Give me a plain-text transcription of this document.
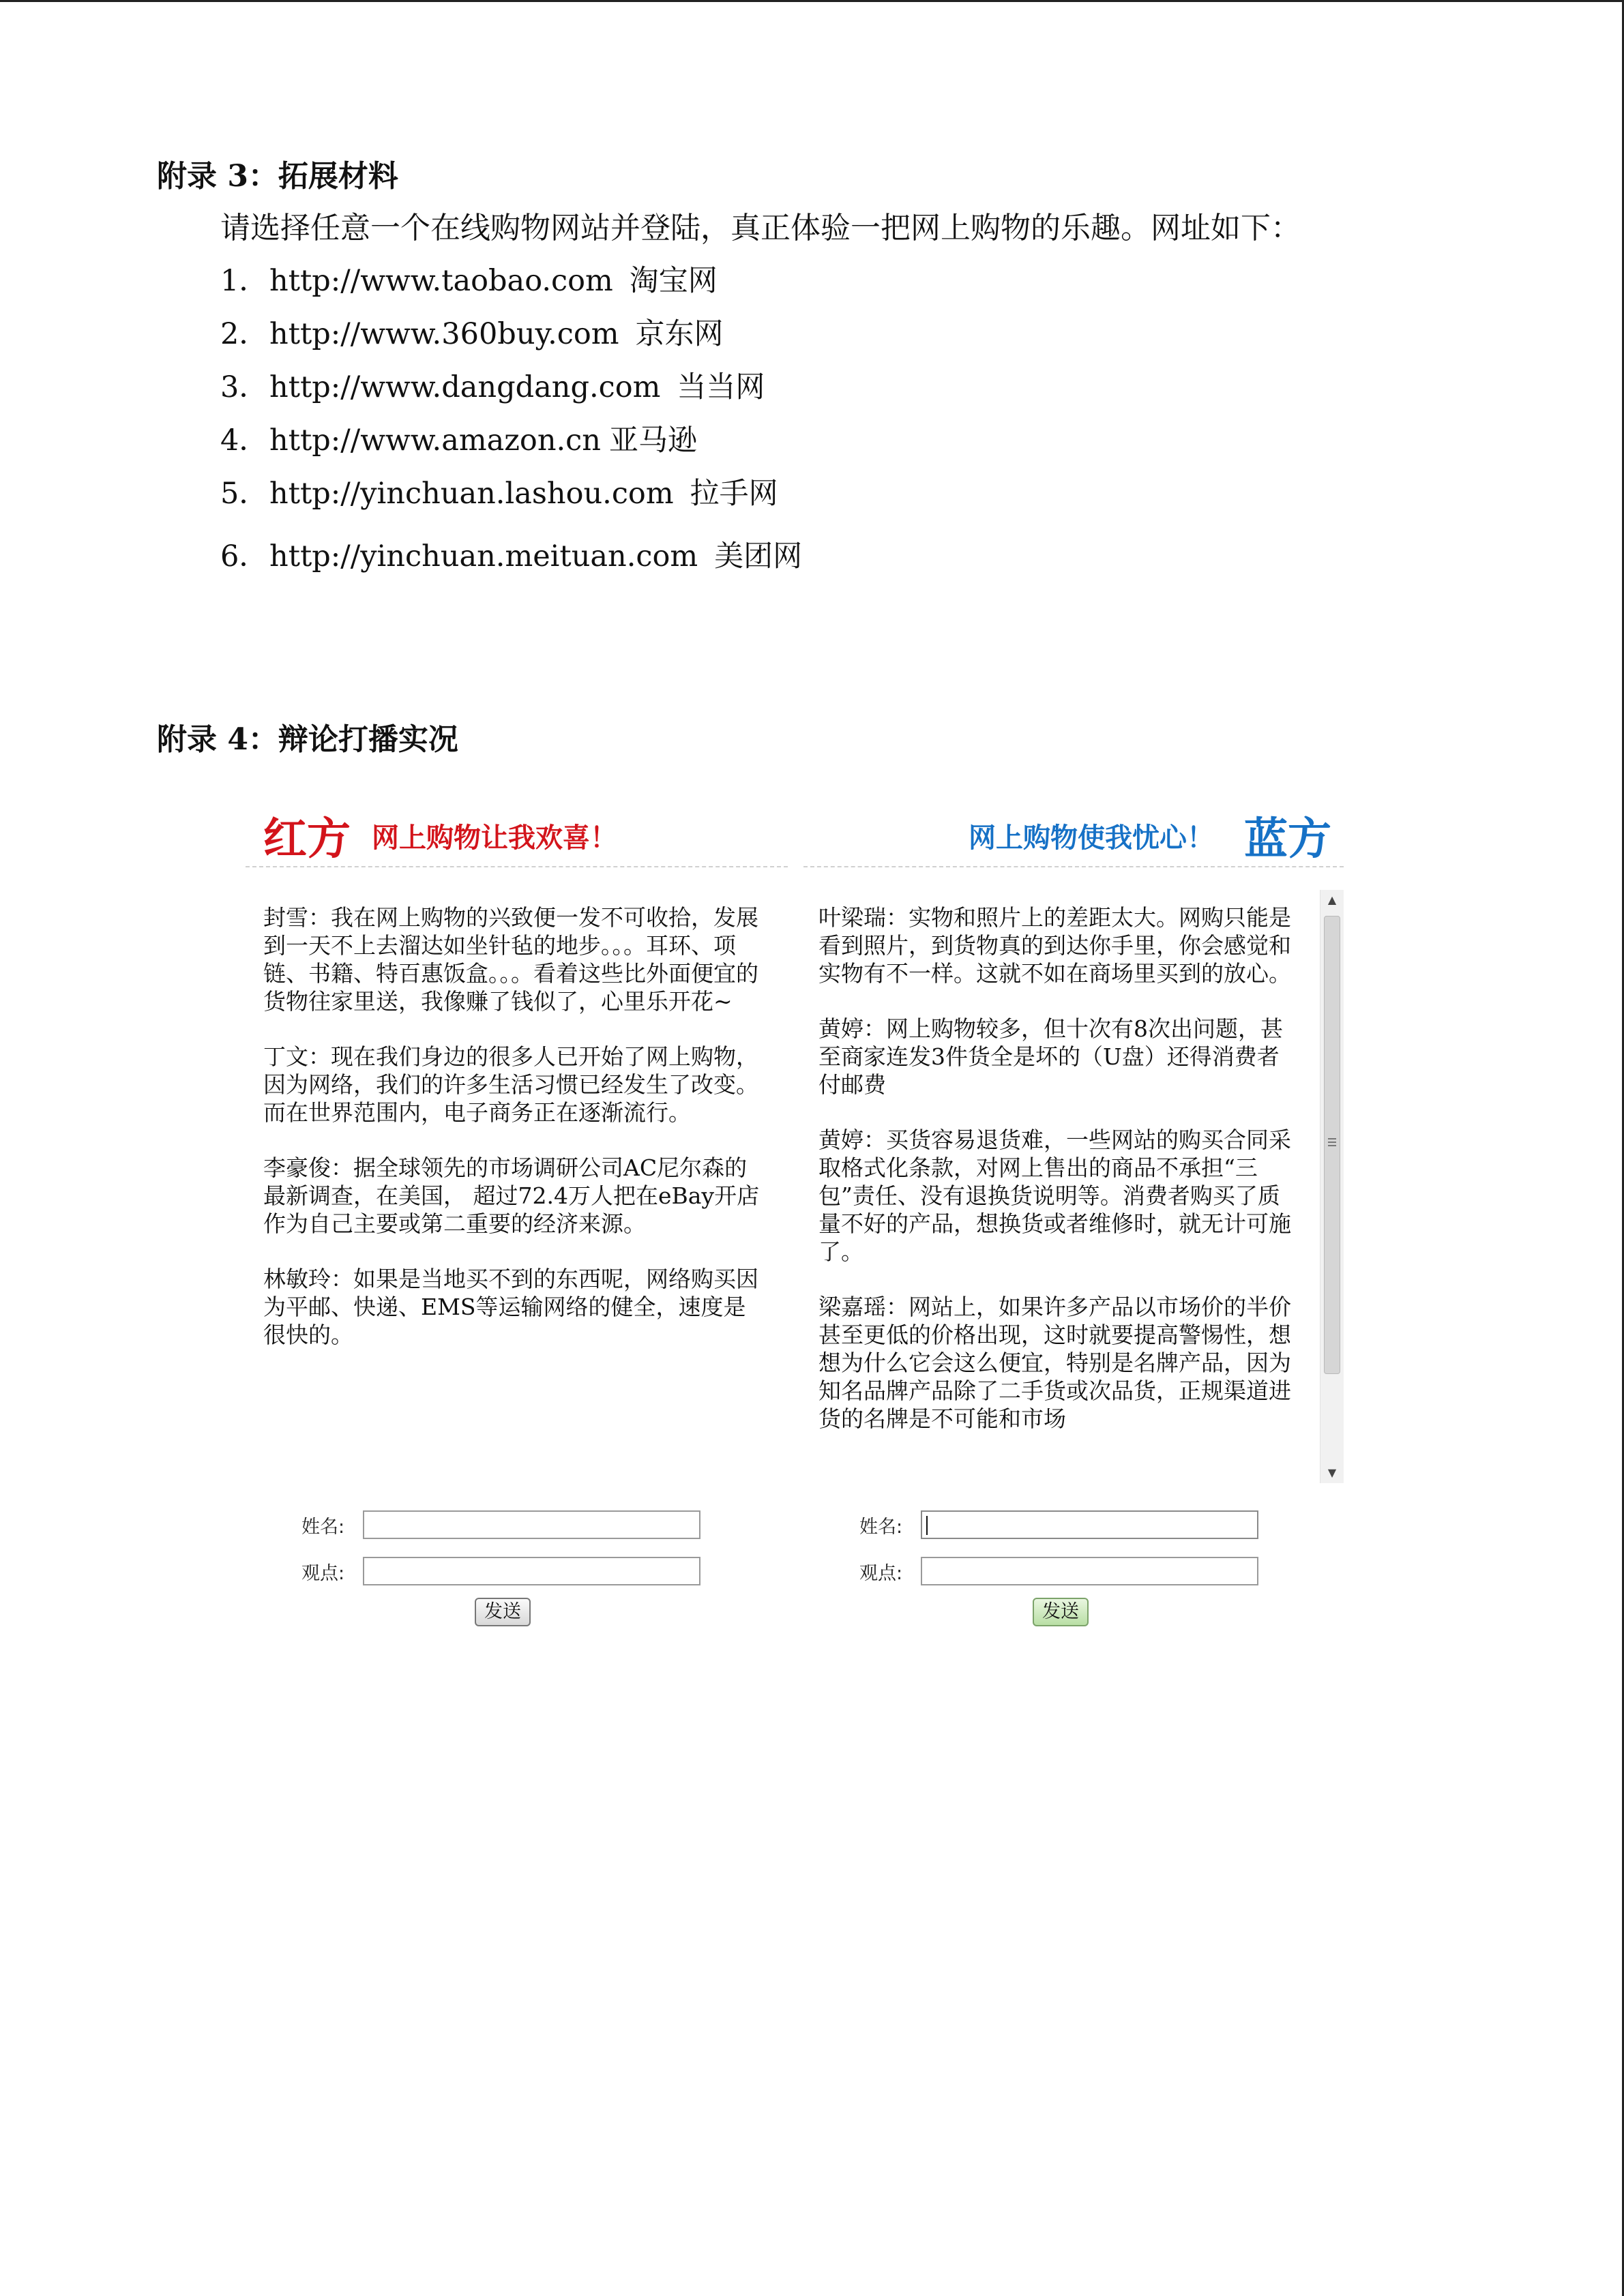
附录 3：拓展材料
请选择任意一个在线购物网站并登陆，真正体验一把网上购物的乐趣。网址如下：
1．http://www.taobao.com 淘宝网
2．http://www.360buy.com 京东网
3．http://www.dangdang.com 当当网
4．http://www.amazon.cn 亚马逊
5．http://yinchuan.lashou.com 拉手网
6．http://yinchuan.meituan.com 美团网
附录 4：辩论打播实况
红方 网上购物让我欢喜！	网上购物使我忧心！ 蓝方

封雪：我在网上购物的兴致便一发不可收拾，发展到一天不上去溜达如坐针毡的地步。。。耳环、项链、书籍、特百惠饭盒。。。看着这些比外面便宜的货物往家里送，我像赚了钱似了，心里乐开花~

丁文：现在我们身边的很多人已开始了网上购物，因为网络，我们的许多生活习惯已经发生了改变。而在世界范围内，电子商务正在逐渐流行。

李豪俊：据全球领先的市场调研公司AC尼尔森的最新调查，在美国， 超过72.4万人把在eBay开店作为自己主要或第二重要的经济来源。

林敏玲：如果是当地买不到的东西呢，网络购买因为平邮、快递、EMS等运输网络的健全，速度是很快的。

叶梁瑞：实物和照片上的差距太大。网购只能是看到照片，到货物真的到达你手里，你会感觉和实物有不一样。这就不如在商场里买到的放心。

黄婷：网上购物较多，但十次有8次出问题，甚至商家连发3件货全是坏的（U盘）还得消费者付邮费

黄婷：买货容易退货难，一些网站的购买合同采取格式化条款，对网上售出的商品不承担“三包”责任、没有退换货说明等。消费者购买了质量不好的产品，想换货或者维修时，就无计可施了。

梁嘉瑶：网站上，如果许多产品以市场价的半价甚至更低的价格出现，这时就要提高警惕性，想想为什么它会这么便宜，特别是名牌产品，因为知名品牌产品除了二手货或次品货，正规渠道进货的名牌是不可能和市场

▲
▼
姓名:
观点:
发送
姓名:
观点:
发送
